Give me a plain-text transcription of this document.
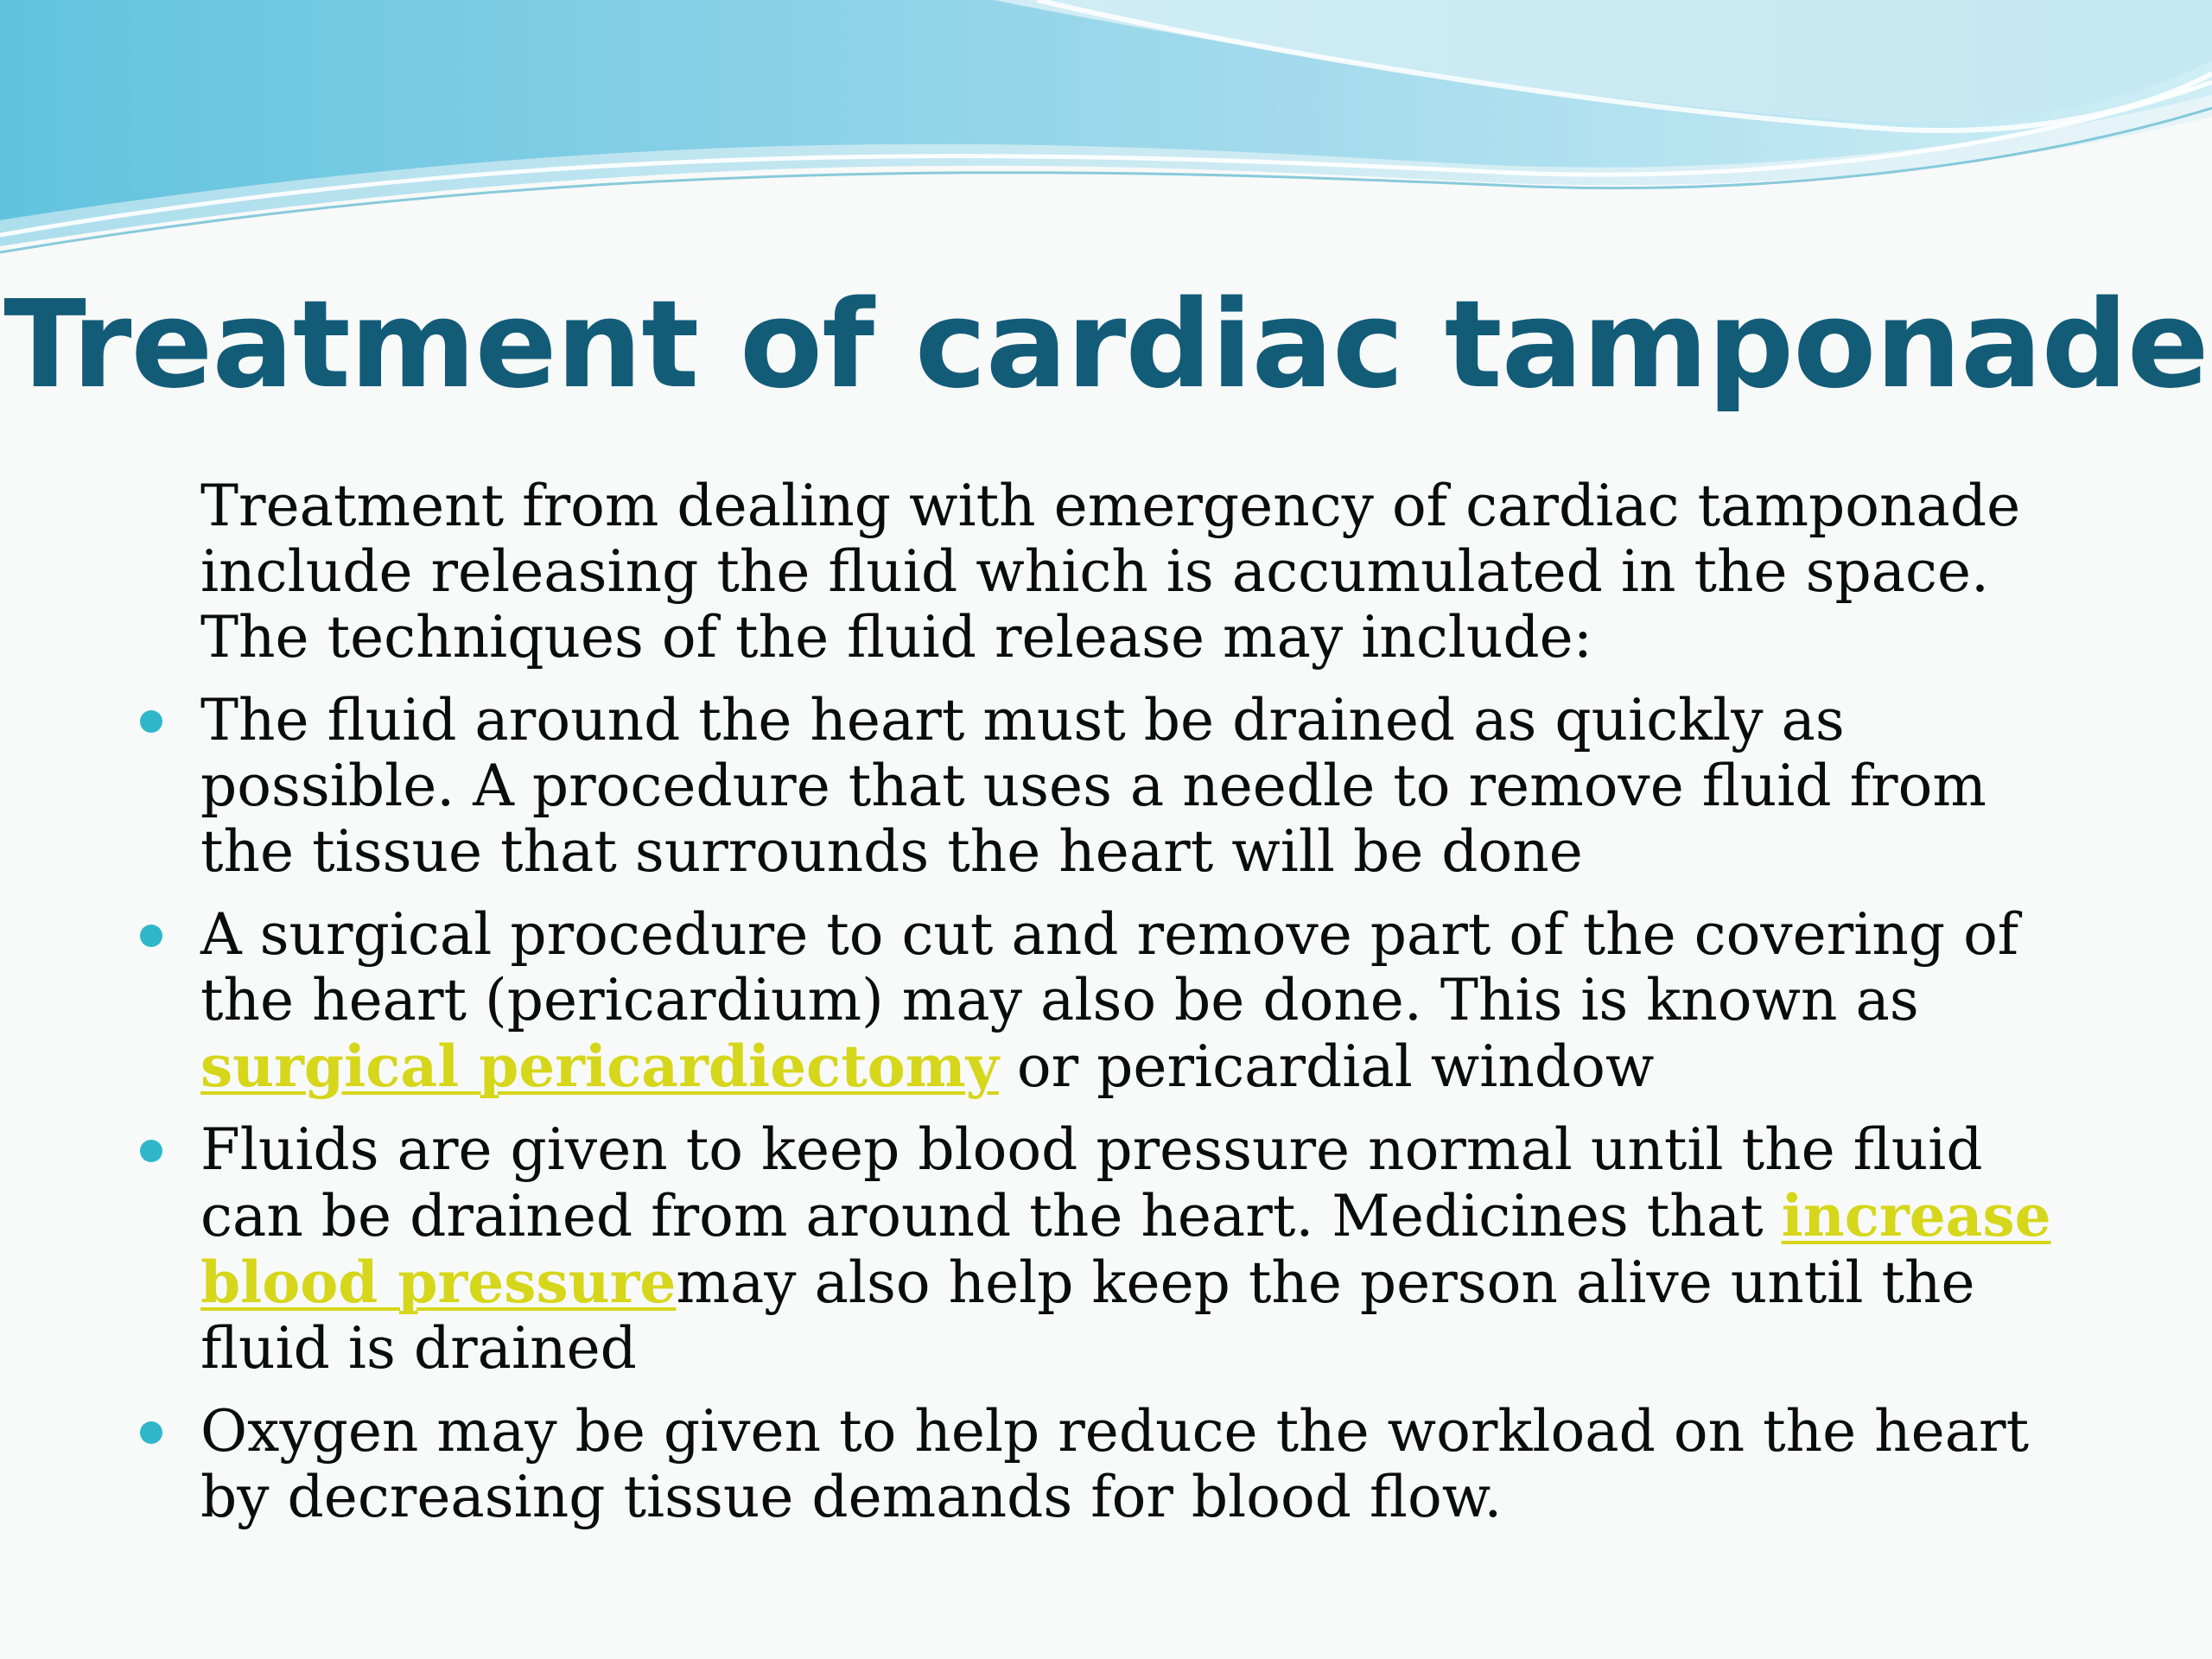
Treatment of cardiac tamponade

Treatment from dealing with emergency of cardiac tamponade include releasing the fluid which is accumulated in the space. The techniques of the fluid release may include:

The fluid around the heart must be drained as quickly as possible. A procedure that uses a needle to remove fluid from the tissue that surrounds the heart will be done
A surgical procedure to cut and remove part of the covering of the heart (pericardium) may also be done. This is known as surgical pericardiectomy or pericardial window
Fluids are given to keep blood pressure normal until the fluid can be drained from around the heart. Medicines that increase blood pressuremay also help keep the person alive until the fluid is drained
Oxygen may be given to help reduce the workload on the heart by decreasing tissue demands for blood flow.
